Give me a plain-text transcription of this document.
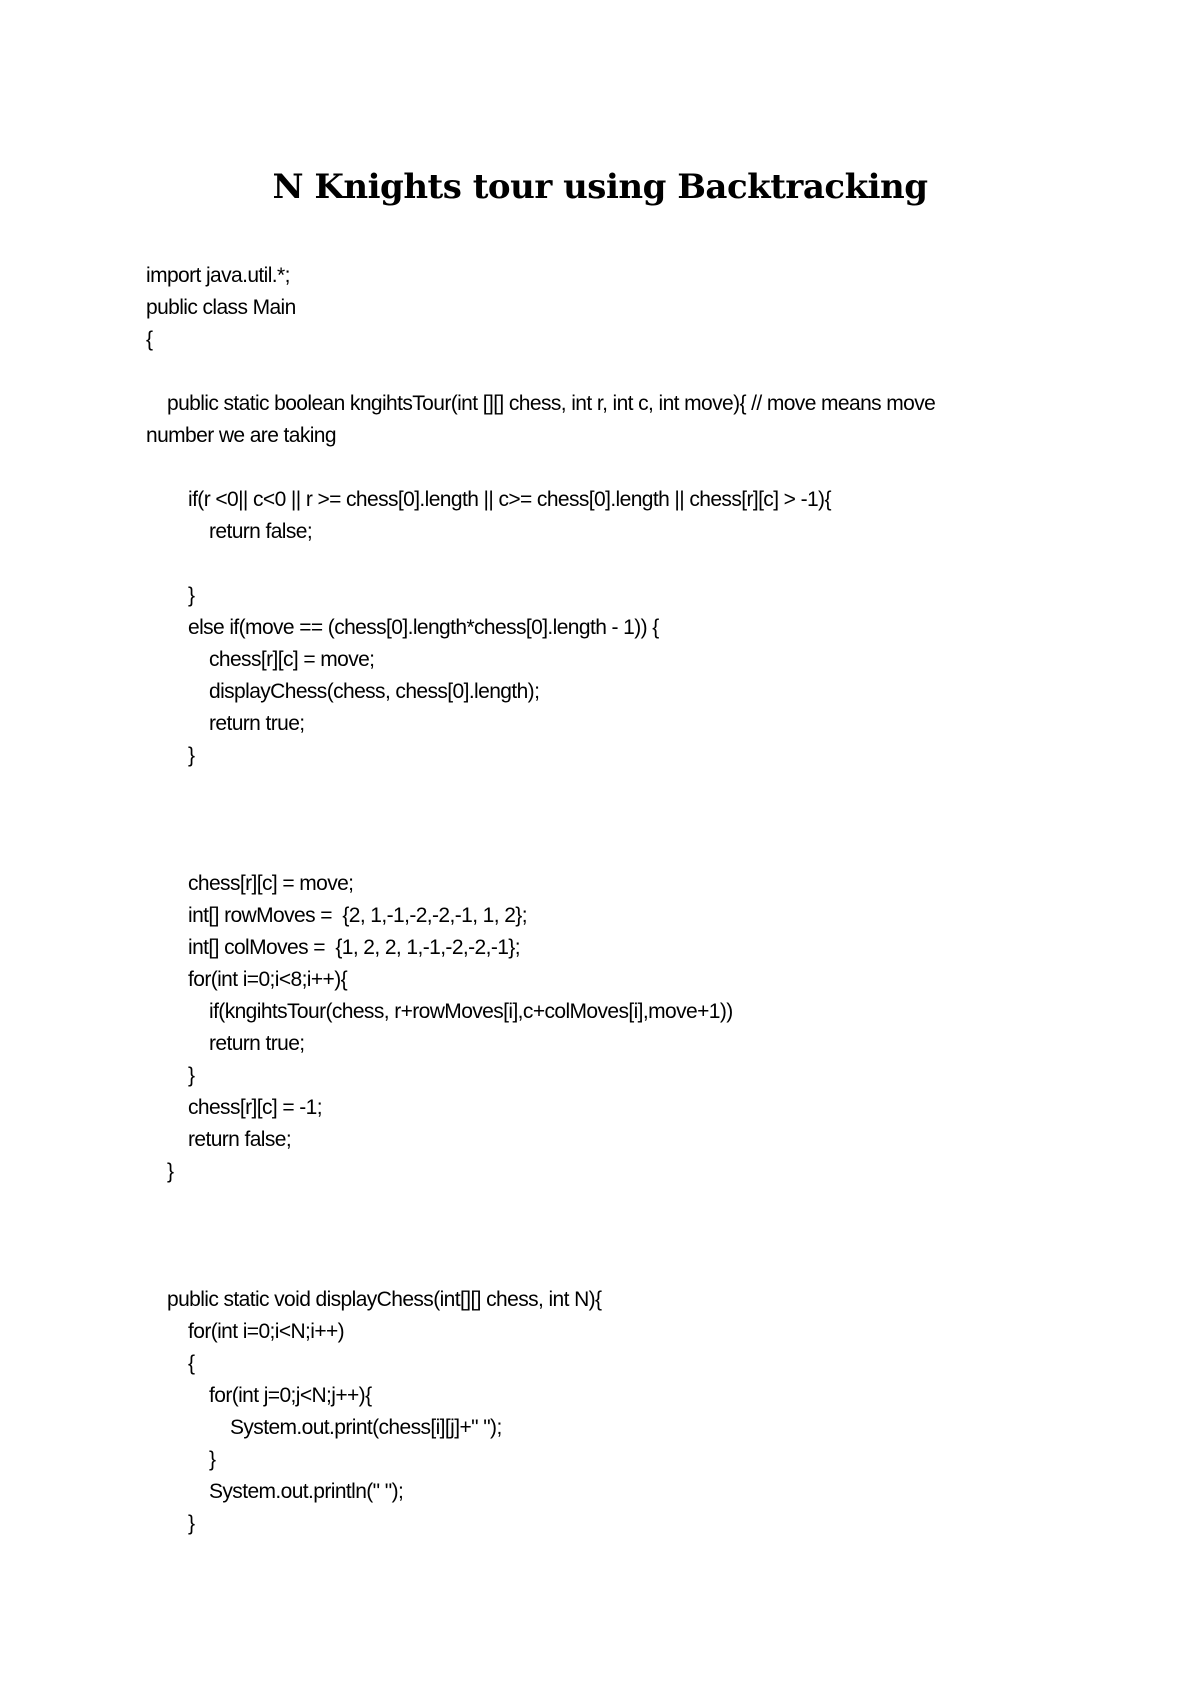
N Knights tour using Backtracking
import java.util.*;
public class Main
{
public static boolean kngihtsTour(int [][] chess, int r, int c, int move){ // move means move
number we are taking
if(r <0|| c<0 || r >= chess[0].length || c>= chess[0].length || chess[r][c] > -1){
return false;
}
else if(move == (chess[0].length*chess[0].length - 1)) {
chess[r][c] = move;
displayChess(chess, chess[0].length);
return true;
}
chess[r][c] = move;
int[] rowMoves =  {2, 1,-1,-2,-2,-1, 1, 2};
int[] colMoves =  {1, 2, 2, 1,-1,-2,-2,-1};
for(int i=0;i<8;i++){
if(kngihtsTour(chess, r+rowMoves[i],c+colMoves[i],move+1))
return true;
}
chess[r][c] = -1;
return false;
}
public static void displayChess(int[][] chess, int N){
for(int i=0;i<N;i++)
{
for(int j=0;j<N;j++){
System.out.print(chess[i][j]+" ");
}
System.out.println(" ");
}
